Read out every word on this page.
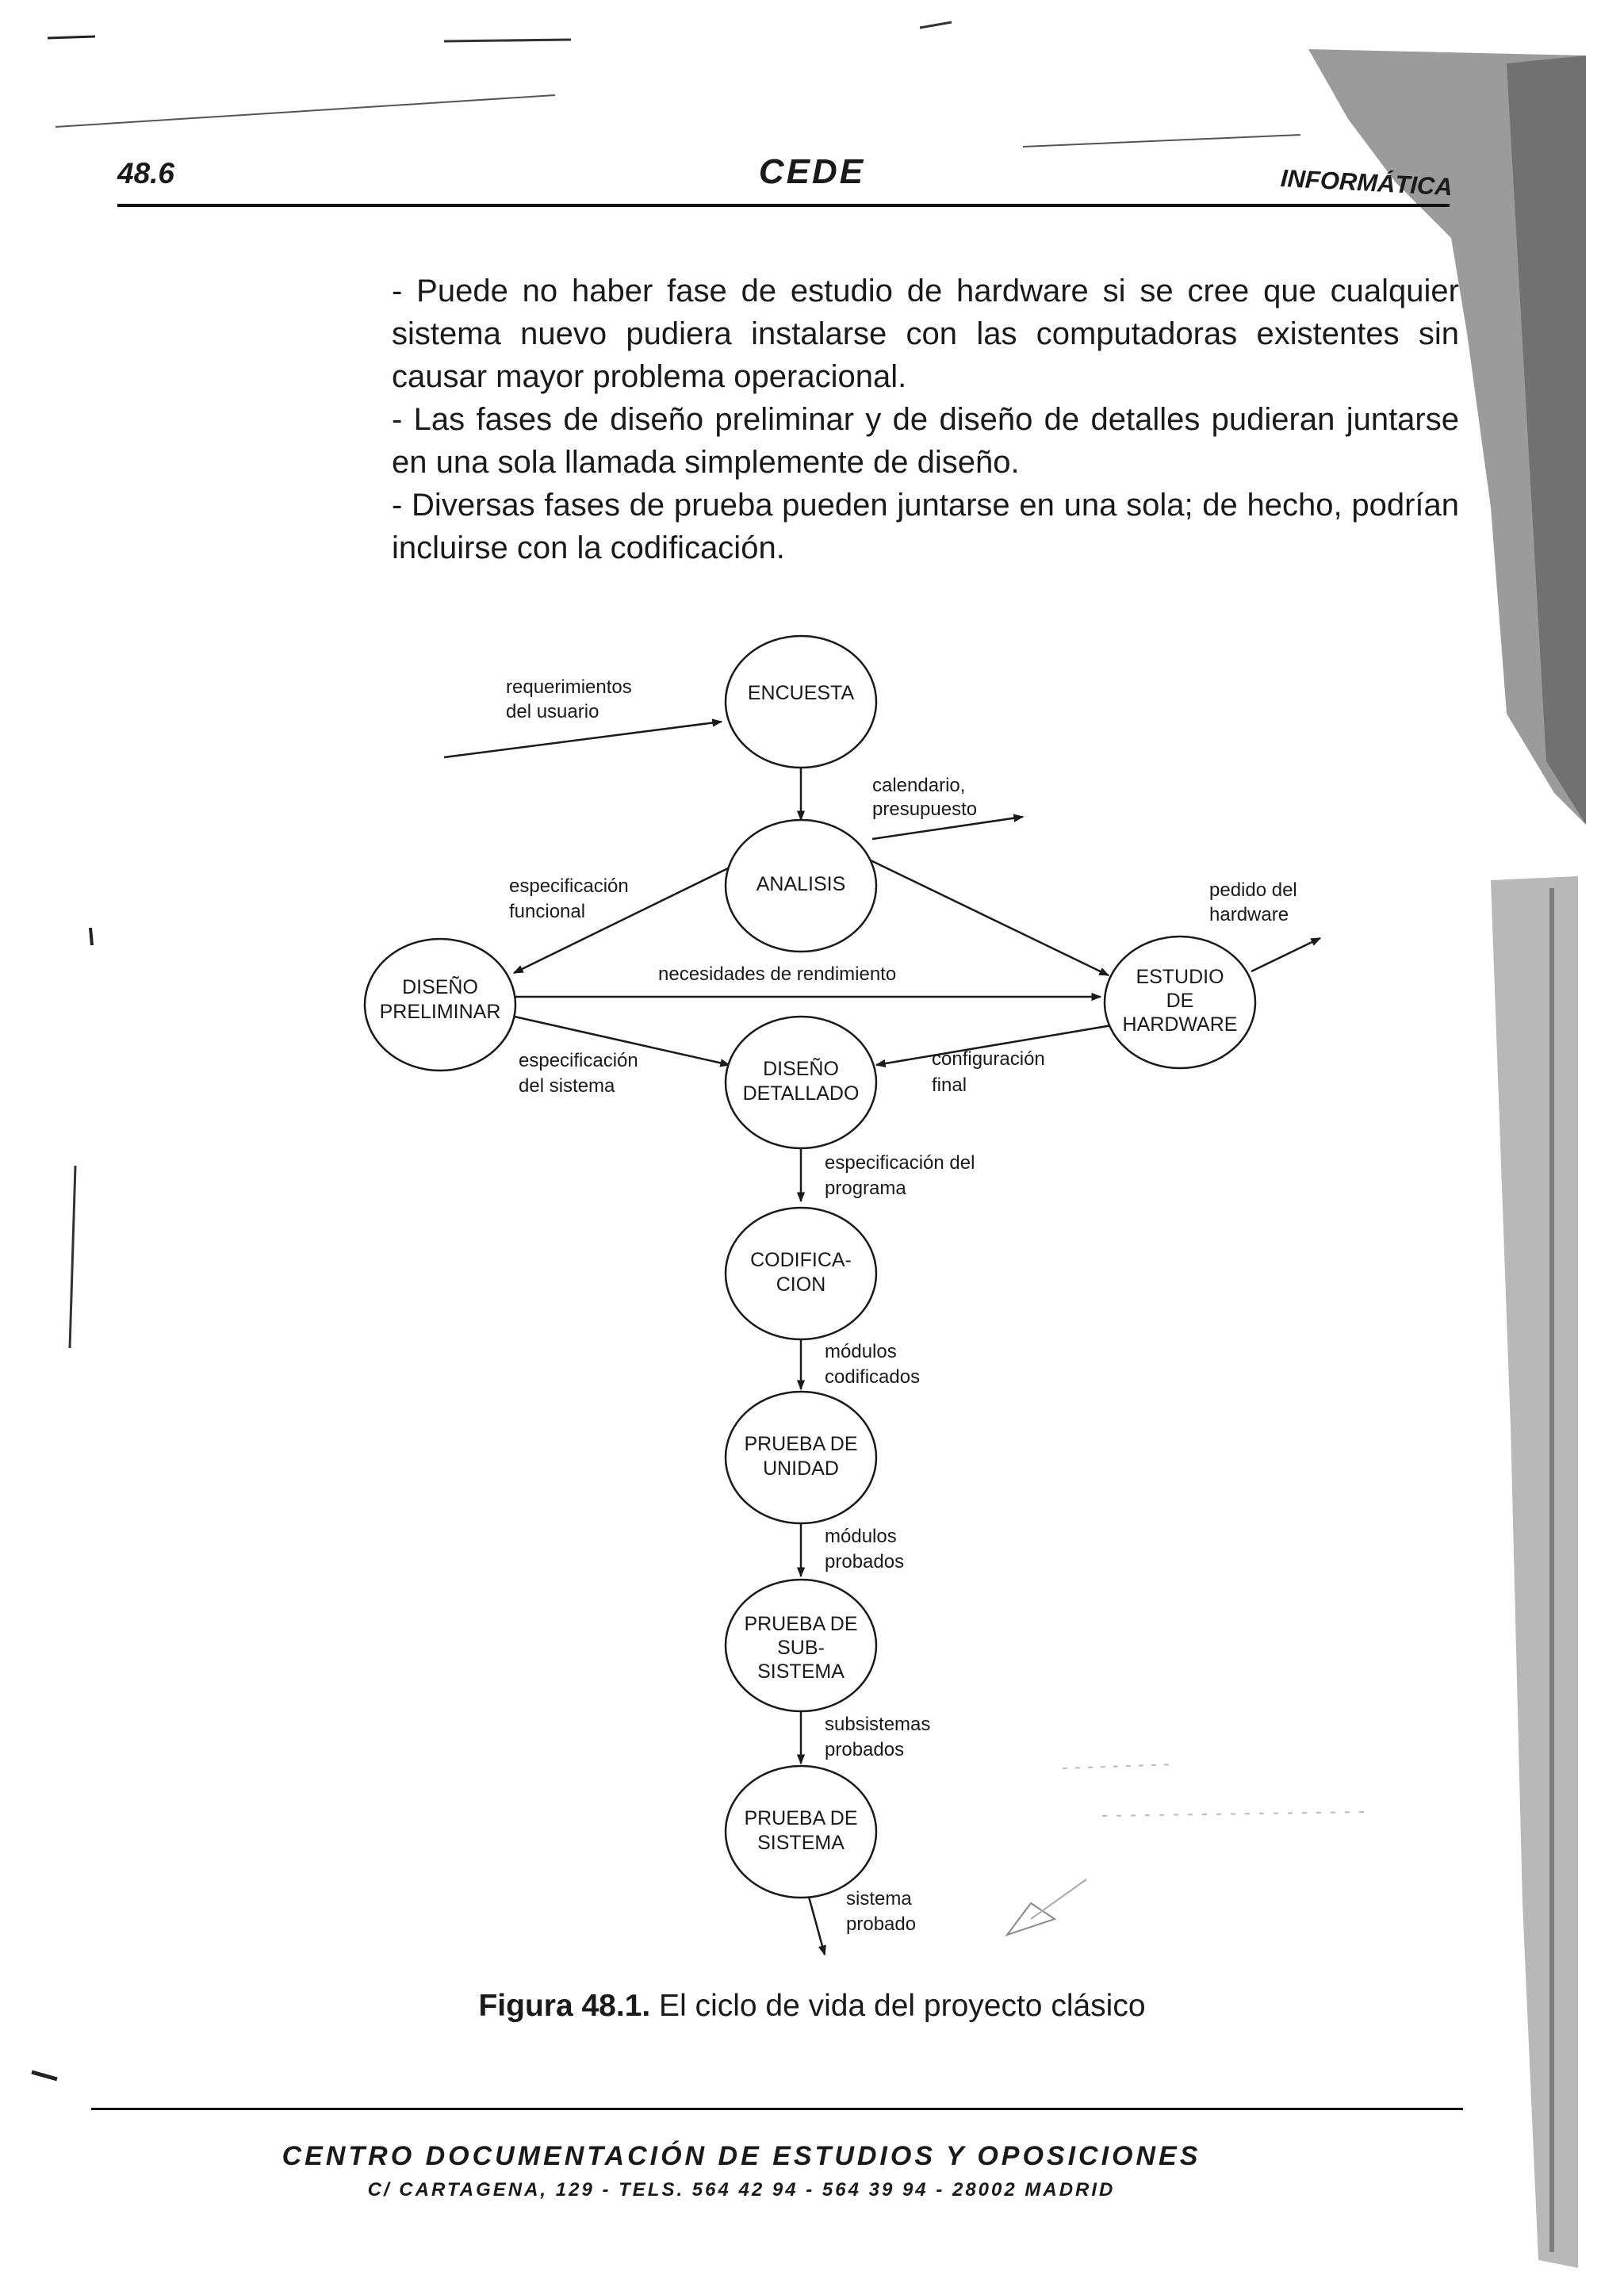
48.6	CEDE	INFORMÁTICA

- Puede no haber fase de estudio de hardware si se cree que cualquier sistema nuevo pudiera instalarse con las computadoras existentes sin causar mayor problema operacional.

- Las fases de diseño preliminar y de diseño de detalles pudieran juntarse en una sola llamada simplemente de diseño.

- Diversas fases de prueba pueden juntarse en una sola; de hecho, podrían incluirse con la codificación.

ENCUESTA
ANALISIS
DISEÑO
PRELIMINAR
ESTUDIO
DE
HARDWARE
DISEÑO
DETALLADO
CODIFICA-
CION
PRUEBA DE
UNIDAD
PRUEBA DE
SUB-
SISTEMA
PRUEBA DE
SISTEMA
requerimientos
del usuario
calendario,
presupuesto
especificación
funcional
pedido del
hardware
necesidades de rendimiento
especificación
del sistema
configuración
final
especificación del
programa
módulos
codificados
módulos
probados
subsistemas
probados
sistema
probado
Figura 48.1. El ciclo de vida del proyecto clásico
CENTRO DOCUMENTACIÓN DE ESTUDIOS Y OPOSICIONES
C/ CARTAGENA, 129 - TELS. 564 42 94 - 564 39 94 - 28002 MADRID
